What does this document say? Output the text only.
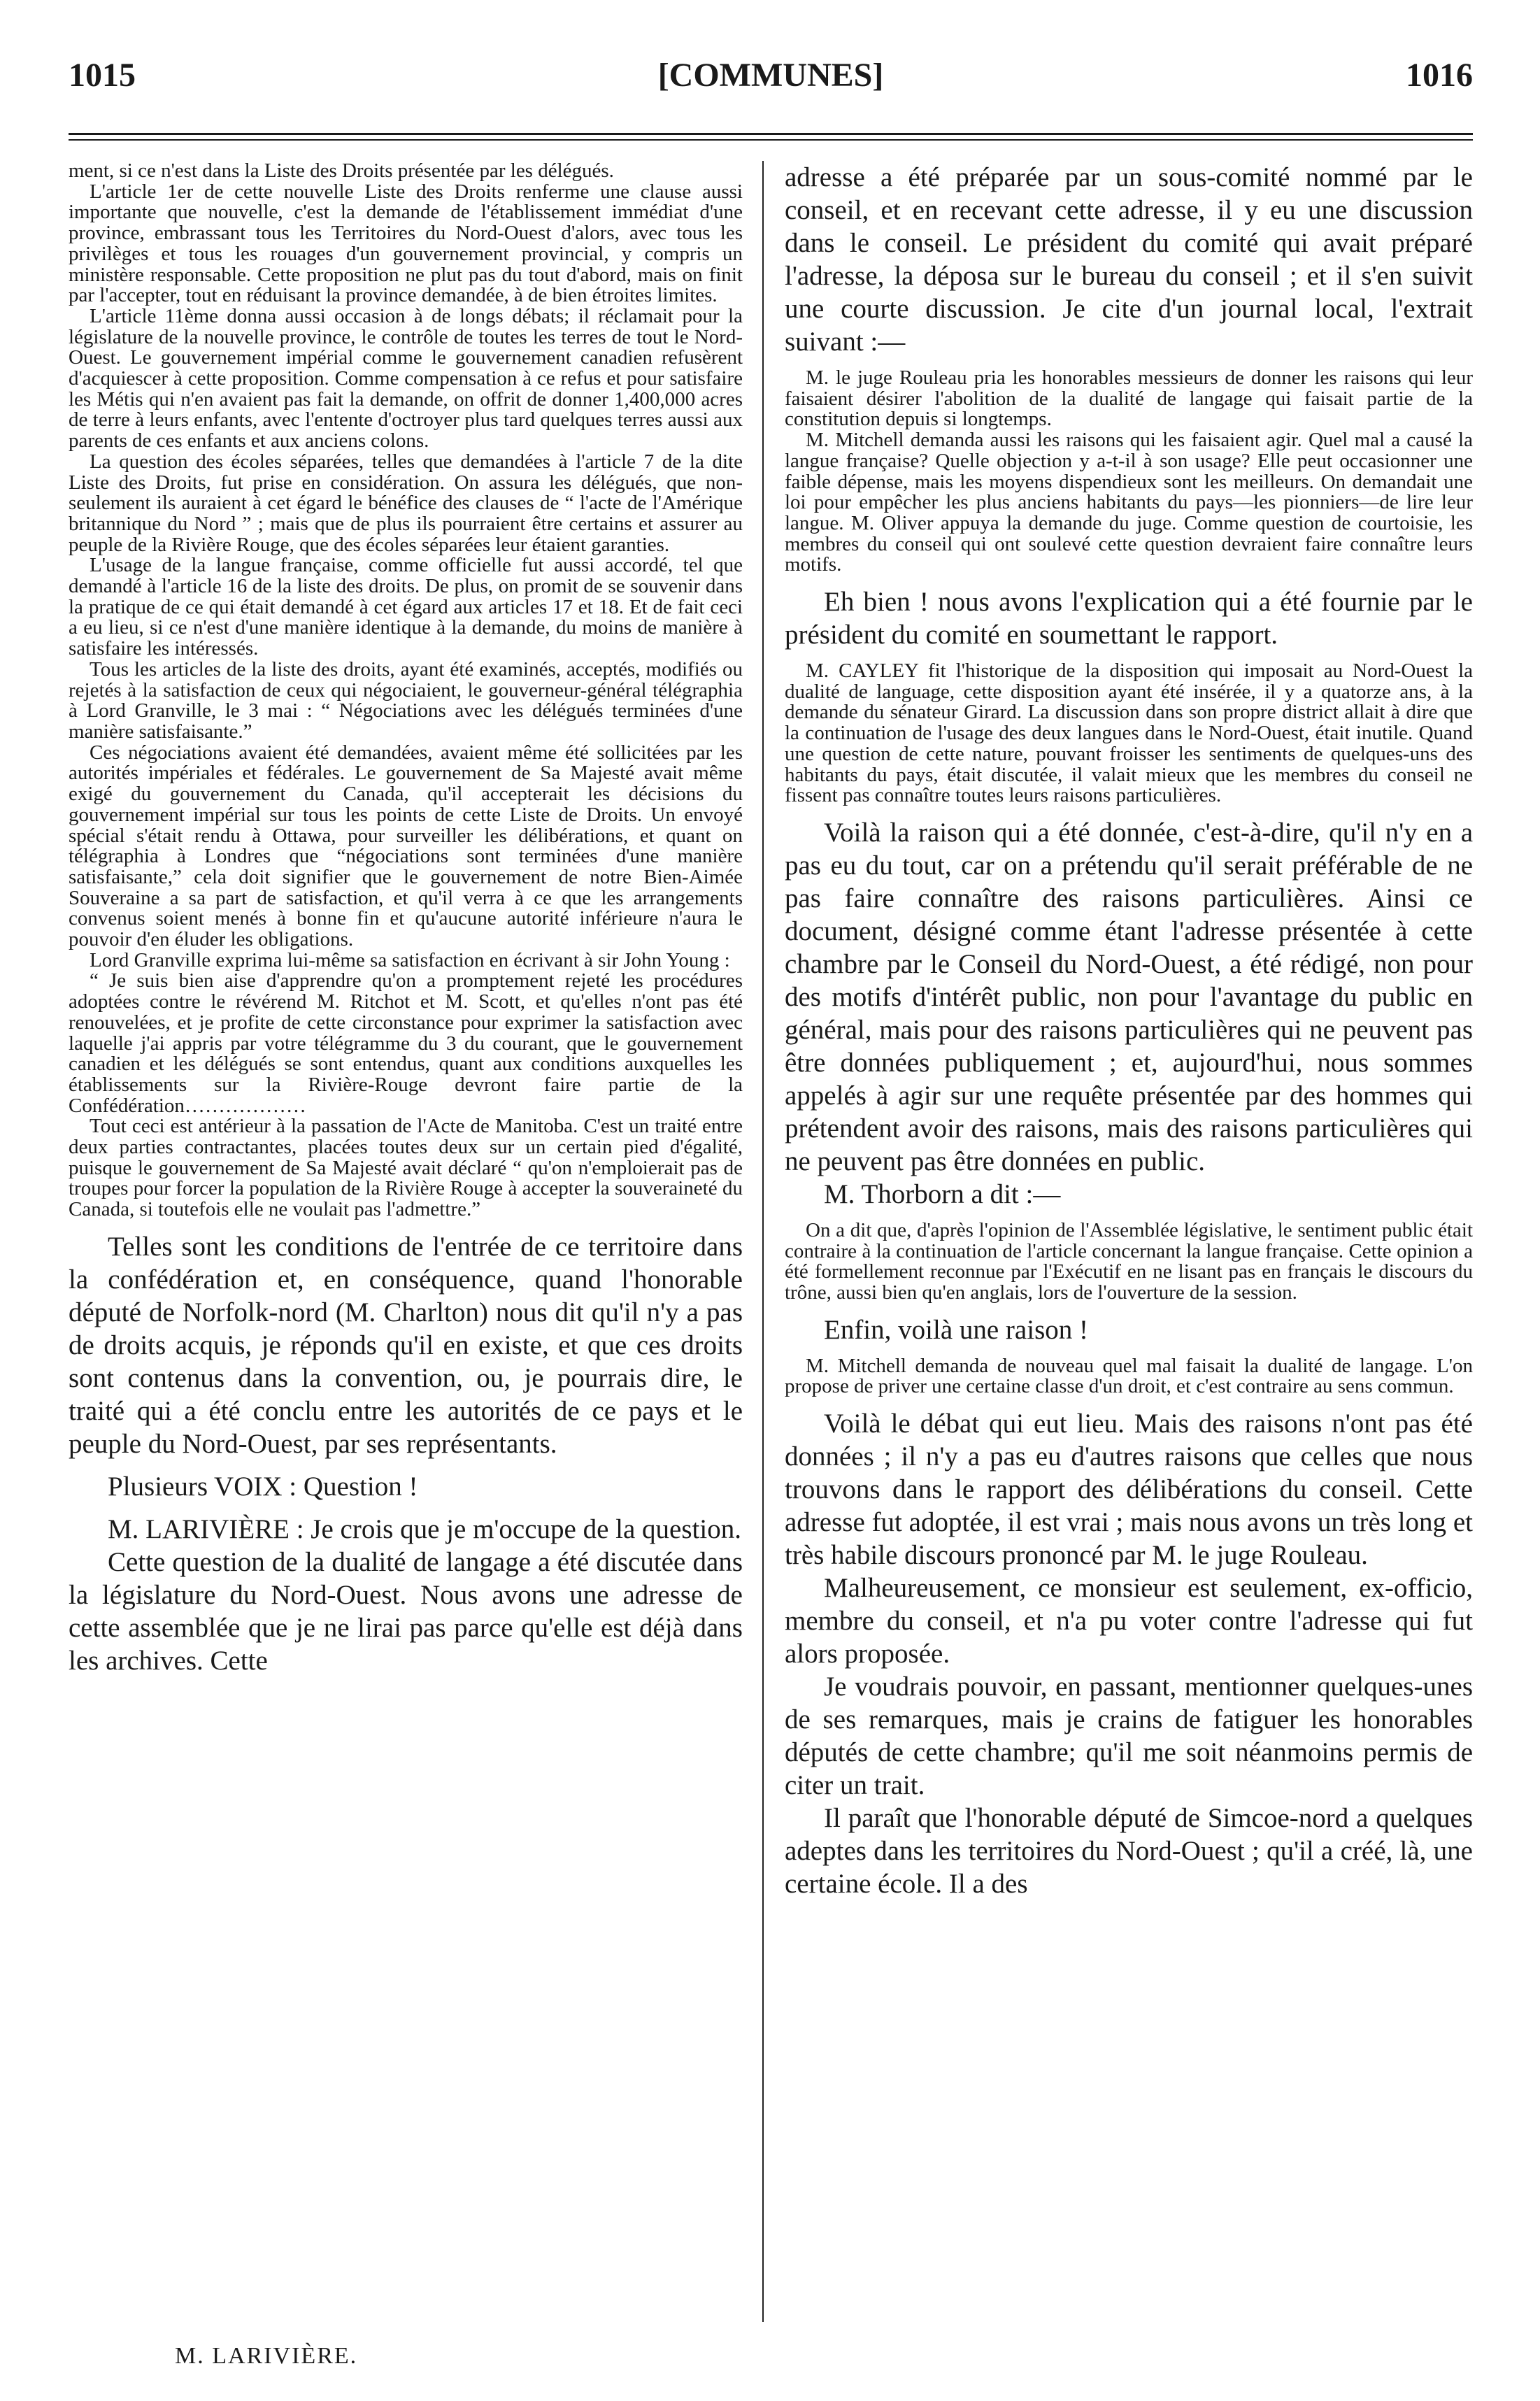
1015	[COMMUNES]	1016

ment, si ce n'est dans la Liste des Droits présentée par les délégués.

L'article 1er de cette nouvelle Liste des Droits renferme une clause aussi importante que nouvelle, c'est la demande de l'établissement immédiat d'une province, embrassant tous les Territoires du Nord-Ouest d'alors, avec tous les privilèges et tous les rouages d'un gouvernement provincial, y compris un ministère responsable. Cette proposition ne plut pas du tout d'abord, mais on finit par l'accepter, tout en réduisant la province demandée, à de bien étroites limites.

L'article 11ème donna aussi occasion à de longs débats; il réclamait pour la législature de la nouvelle province, le contrôle de toutes les terres de tout le Nord-Ouest. Le gouvernement impérial comme le gouvernement canadien refusèrent d'acquiescer à cette proposition. Comme compensation à ce refus et pour satisfaire les Métis qui n'en avaient pas fait la demande, on offrit de donner 1,400,000 acres de terre à leurs enfants, avec l'entente d'octroyer plus tard quelques terres aussi aux parents de ces enfants et aux anciens colons.

La question des écoles séparées, telles que demandées à l'article 7 de la dite Liste des Droits, fut prise en considération. On assura les délégués, que non-seulement ils auraient à cet égard le bénéfice des clauses de “ l'acte de l'Amérique britannique du Nord ” ; mais que de plus ils pourraient être certains et assurer au peuple de la Rivière Rouge, que des écoles séparées leur étaient garanties.

L'usage de la langue française, comme officielle fut aussi accordé, tel que demandé à l'article 16 de la liste des droits. De plus, on promit de se souvenir dans la pratique de ce qui était demandé à cet égard aux articles 17 et 18. Et de fait ceci a eu lieu, si ce n'est d'une manière identique à la demande, du moins de manière à satisfaire les intéressés.

Tous les articles de la liste des droits, ayant été examinés, acceptés, modifiés ou rejetés à la satisfaction de ceux qui négociaient, le gouverneur-général télégraphia à Lord Granville, le 3 mai : “ Négociations avec les délégués terminées d'une manière satisfaisante.”

Ces négociations avaient été demandées, avaient même été sollicitées par les autorités impériales et fédérales. Le gouvernement de Sa Majesté avait même exigé du gouvernement du Canada, qu'il accepterait les décisions du gouvernement impérial sur tous les points de cette Liste de Droits. Un envoyé spécial s'était rendu à Ottawa, pour surveiller les délibérations, et quant on télégraphia à Londres que “négociations sont terminées d'une manière satisfaisante,” cela doit signifier que le gouvernement de notre Bien-Aimée Souveraine a sa part de satisfaction, et qu'il verra à ce que les arrangements convenus soient menés à bonne fin et qu'aucune autorité inférieure n'aura le pouvoir d'en éluder les obligations.

Lord Granville exprima lui-même sa satisfaction en écrivant à sir John Young :

“ Je suis bien aise d'apprendre qu'on a promptement rejeté les procédures adoptées contre le révérend M. Ritchot et M. Scott, et qu'elles n'ont pas été renouvelées, et je profite de cette circonstance pour exprimer la satisfaction avec laquelle j'ai appris par votre télégramme du 3 du courant, que le gouvernement canadien et les délégués se sont entendus, quant aux conditions auxquelles les établissements sur la Rivière-Rouge devront faire partie de la Confédération………………

Tout ceci est antérieur à la passation de l'Acte de Manitoba. C'est un traité entre deux parties contractantes, placées toutes deux sur un certain pied d'égalité, puisque le gouvernement de Sa Majesté avait déclaré “ qu'on n'emploierait pas de troupes pour forcer la population de la Rivière Rouge à accepter la souveraineté du Canada, si toutefois elle ne voulait pas l'admettre.”

Telles sont les conditions de l'entrée de ce territoire dans la confédération et, en conséquence, quand l'honorable député de Norfolk-nord (M. Charlton) nous dit qu'il n'y a pas de droits acquis, je réponds qu'il en existe, et que ces droits sont contenus dans la convention, ou, je pourrais dire, le traité qui a été conclu entre les autorités de ce pays et le peuple du Nord-Ouest, par ses représentants.

Plusieurs VOIX : Question !

M. LARIVIÈRE : Je crois que je m'occupe de la question.

Cette question de la dualité de langage a été discutée dans la législature du Nord-Ouest. Nous avons une adresse de cette assemblée que je ne lirai pas parce qu'elle est déjà dans les archives. Cette

adresse a été préparée par un sous-comité nommé par le conseil, et en recevant cette adresse, il y eu une discussion dans le conseil. Le président du comité qui avait préparé l'adresse, la déposa sur le bureau du conseil ; et il s'en suivit une courte discussion. Je cite d'un journal local, l'extrait suivant :—

M. le juge Rouleau pria les honorables messieurs de donner les raisons qui leur faisaient désirer l'abolition de la dualité de langage qui faisait partie de la constitution depuis si longtemps.

M. Mitchell demanda aussi les raisons qui les faisaient agir. Quel mal a causé la langue française? Quelle objection y a-t-il à son usage? Elle peut occasionner une faible dépense, mais les moyens dispendieux sont les meilleurs. On demandait une loi pour empêcher les plus anciens habitants du pays—les pionniers—de lire leur langue. M. Oliver appuya la demande du juge. Comme question de courtoisie, les membres du conseil qui ont soulevé cette question devraient faire connaître leurs motifs.

Eh bien ! nous avons l'explication qui a été fournie par le président du comité en soumettant le rapport.

M. CAYLEY fit l'historique de la disposition qui imposait au Nord-Ouest la dualité de language, cette disposition ayant été insérée, il y a quatorze ans, à la demande du sénateur Girard. La discussion dans son propre district allait à dire que la continuation de l'usage des deux langues dans le Nord-Ouest, était inutile. Quand une question de cette nature, pouvant froisser les sentiments de quelques-uns des habitants du pays, était discutée, il valait mieux que les membres du conseil ne fissent pas connaître toutes leurs raisons particulières.

Voilà la raison qui a été donnée, c'est-à-dire, qu'il n'y en a pas eu du tout, car on a prétendu qu'il serait préférable de ne pas faire connaître des raisons particulières. Ainsi ce document, désigné comme étant l'adresse présentée à cette chambre par le Conseil du Nord-Ouest, a été rédigé, non pour des motifs d'intérêt public, non pour l'avantage du public en général, mais pour des raisons particulières qui ne peuvent pas être données publiquement ; et, aujourd'hui, nous sommes appelés à agir sur une requête présentée par des hommes qui prétendent avoir des raisons, mais des raisons particulières qui ne peuvent pas être données en public.

M. Thorborn a dit :—

On a dit que, d'après l'opinion de l'Assemblée législative, le sentiment public était contraire à la continuation de l'article concernant la langue française. Cette opinion a été formellement reconnue par l'Exécutif en ne lisant pas en français le discours du trône, aussi bien qu'en anglais, lors de l'ouverture de la session.

Enfin, voilà une raison !

M. Mitchell demanda de nouveau quel mal faisait la dualité de langage. L'on propose de priver une certaine classe d'un droit, et c'est contraire au sens commun.

Voilà le débat qui eut lieu. Mais des raisons n'ont pas été données ; il n'y a pas eu d'autres raisons que celles que nous trouvons dans le rapport des délibérations du conseil. Cette adresse fut adoptée, il est vrai ; mais nous avons un très long et très habile discours prononcé par M. le juge Rouleau.

Malheureusement, ce monsieur est seulement, ex-officio, membre du conseil, et n'a pu voter contre l'adresse qui fut alors proposée.

Je voudrais pouvoir, en passant, mentionner quelques-unes de ses remarques, mais je crains de fatiguer les honorables députés de cette chambre; qu'il me soit néanmoins permis de citer un trait.

Il paraît que l'honorable député de Simcoe-nord a quelques adeptes dans les territoires du Nord-Ouest ; qu'il a créé, là, une certaine école. Il a des

M. LARIVIÈRE.
